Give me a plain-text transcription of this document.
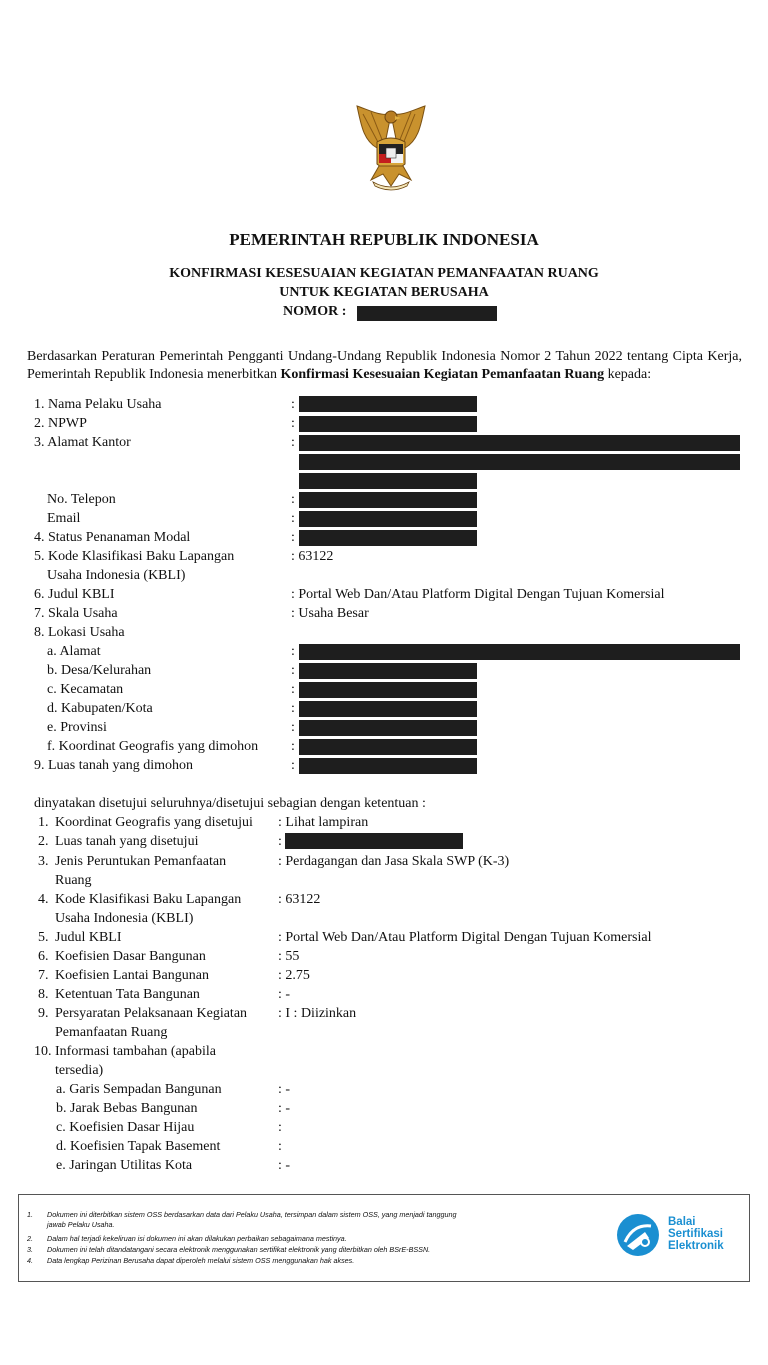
PEMERINTAH REPUBLIK INDONESIA
KONFIRMASI KESESUAIAN KEGIATAN PEMANFAATAN RUANG
UNTUK KEGIATAN BERUSAHA
NOMOR :
Berdasarkan Peraturan Pemerintah Pengganti Undang-Undang Republik Indonesia Nomor 2 Tahun 2022 tentang Cipta Kerja, Pemerintah Republik Indonesia menerbitkan Konfirmasi Kesesuaian Kegiatan Pemanfaatan Ruang kepada:
1. Nama Pelaku Usaha	:
2. NPWP	:
3. Alamat Kantor	:
No. Telepon	:
Email	:
4. Status Penanaman Modal	:
5. Kode Klasifikasi Baku Lapangan
Usaha Indonesia (KBLI)
: 63122
6. Judul KBLI	: Portal Web Dan/Atau Platform Digital Dengan Tujuan Komersial
7. Skala Usaha	: Usaha Besar
8. Lokasi Usaha
a. Alamat	:
b. Desa/Kelurahan	:
c. Kecamatan	:
d. Kabupaten/Kota	:
e. Provinsi	:
f. Koordinat Geografis yang dimohon :
9. Luas tanah yang dimohon	:
dinyatakan disetujui seluruhnya/disetujui sebagian dengan ketentuan :
1. Koordinat Geografis yang disetujui : Lihat lampiran
2. Luas tanah yang disetujui	:
3. Jenis Peruntukan Pemanfaatan
Ruang
: Perdagangan dan Jasa Skala SWP (K-3)
4. Kode Klasifikasi Baku Lapangan
Usaha Indonesia (KBLI)
: 63122
5. Judul KBLI	: Portal Web Dan/Atau Platform Digital Dengan Tujuan Komersial
6. Koefisien Dasar Bangunan	: 55
7. Koefisien Lantai Bangunan	: 2.75
8. Ketentuan Tata Bangunan	: -
9. Persyaratan Pelaksanaan Kegiatan
Pemanfaatan Ruang
: I : Diizinkan
10. Informasi tambahan (apabila
tersedia)
a. Garis Sempadan Bangunan	: -
b. Jarak Bebas Bangunan	: -
c. Koefisien Dasar Hijau	:
d. Koefisien Tapak Basement	:
e. Jaringan Utilitas Kota	: -
1. Dokumen ini diterbitkan sistem OSS berdasarkan data dari Pelaku Usaha, tersimpan dalam sistem OSS, yang menjadi tanggung
jawab Pelaku Usaha.
2. Dalam hal terjadi kekeliruan isi dokumen ini akan dilakukan perbaikan sebagaimana mestinya.
3. Dokumen ini telah ditandatangani secara elektronik menggunakan sertifikat elektronik yang diterbitkan oleh BSrE-BSSN.
4. Data lengkap Perizinan Berusaha dapat diperoleh melalui sistem OSS menggunakan hak akses.
Balai
Sertifikasi
Elektronik
